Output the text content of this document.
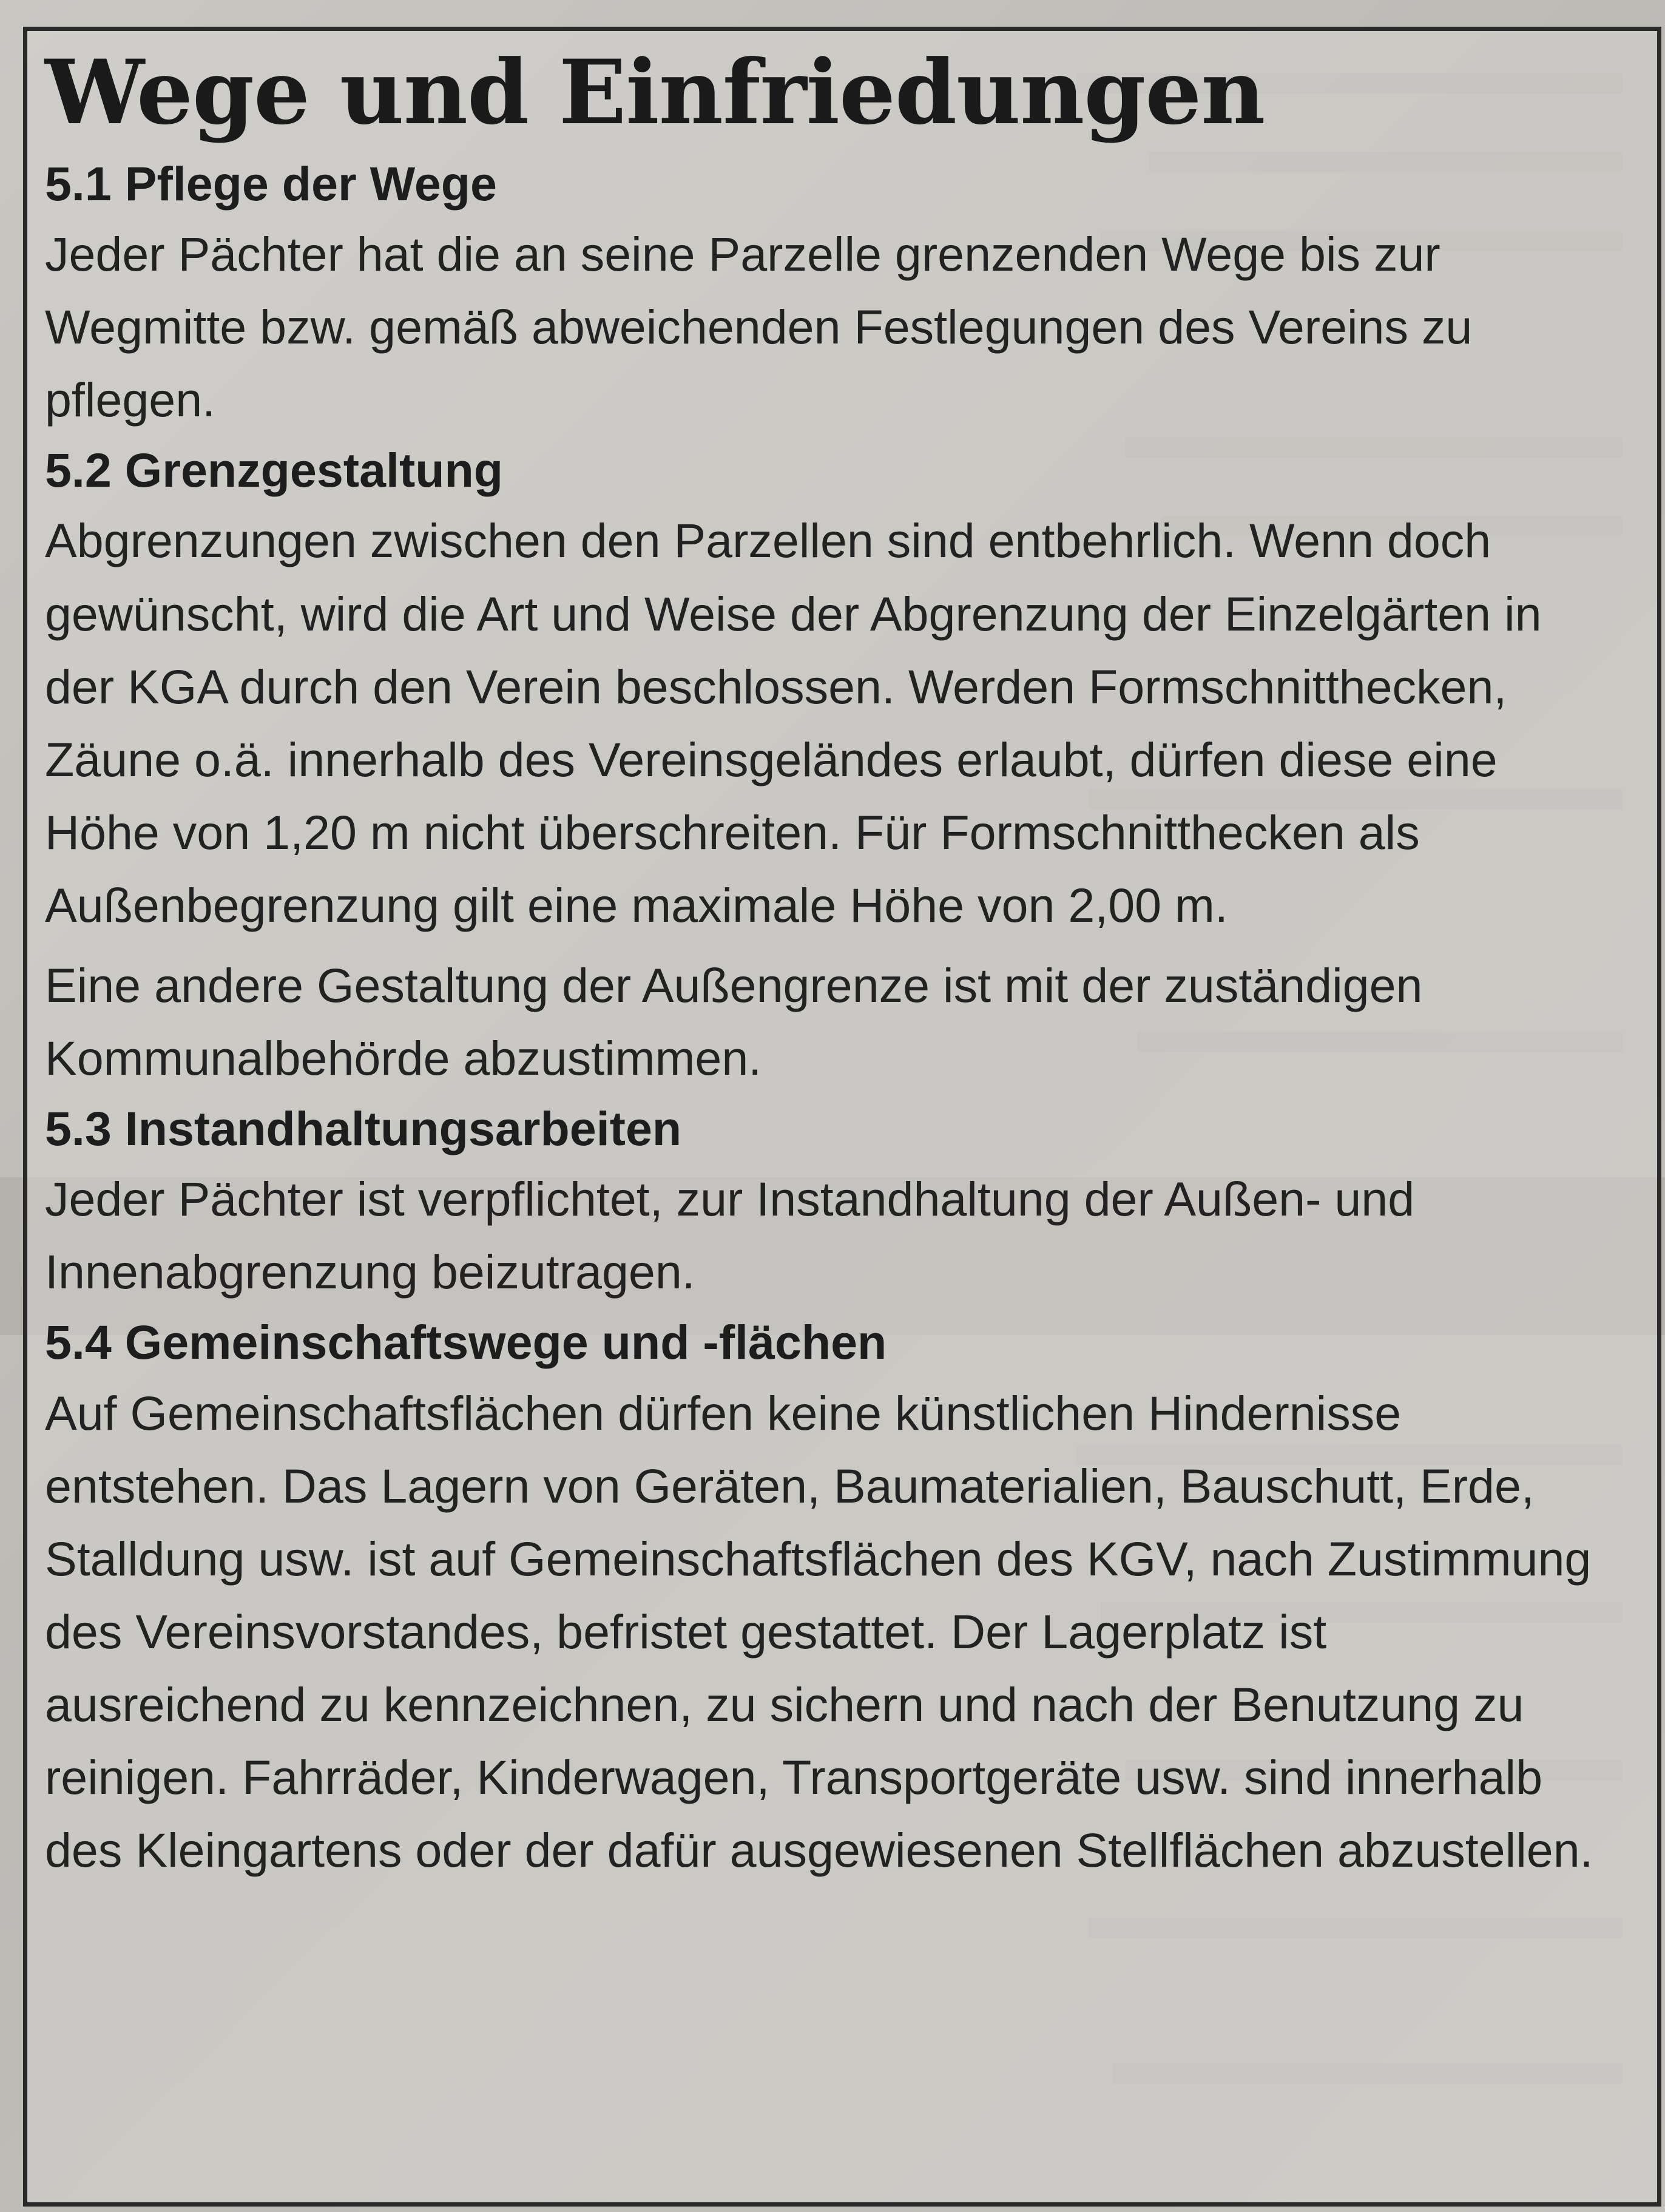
Wege und Einfriedungen
5.1 Pflege der Wege

Jeder Pächter hat die an seine Parzelle grenzenden Wege bis zur Wegmitte bzw. gemäß abweichenden Festlegungen des Vereins zu pflegen.

5.2 Grenzgestaltung

Abgrenzungen zwischen den Parzellen sind entbehrlich. Wenn doch gewünscht, wird die Art und Weise der Abgrenzung der Einzelgärten in der KGA durch den Verein beschlossen. Werden Formschnitthecken, Zäune o.ä. innerhalb des Vereinsgeländes erlaubt, dürfen diese eine Höhe von 1,20 m nicht überschreiten. Für Formschnitthecken als Außenbegrenzung gilt eine maximale Höhe von 2,00 m.

Eine andere Gestaltung der Außengrenze ist mit der zuständigen Kommunalbehörde abzustimmen.

5.3 Instandhaltungsarbeiten

Jeder Pächter ist verpflichtet, zur Instandhaltung der Außen- und Innenabgrenzung beizutragen.

5.4 Gemeinschaftswege und -flächen

Auf Gemeinschaftsflächen dürfen keine künstlichen Hindernisse entstehen. Das Lagern von Geräten, Baumaterialien, Bauschutt, Erde, Stalldung usw. ist auf Gemeinschaftsflächen des KGV, nach Zustimmung des Vereinsvorstandes, befristet gestattet. Der Lagerplatz ist ausreichend zu kennzeichnen, zu sichern und nach der Benutzung zu reinigen. Fahrräder, Kinderwagen, Transportgeräte usw. sind innerhalb des Kleingartens oder der dafür ausgewiesenen Stellflächen abzustellen.
